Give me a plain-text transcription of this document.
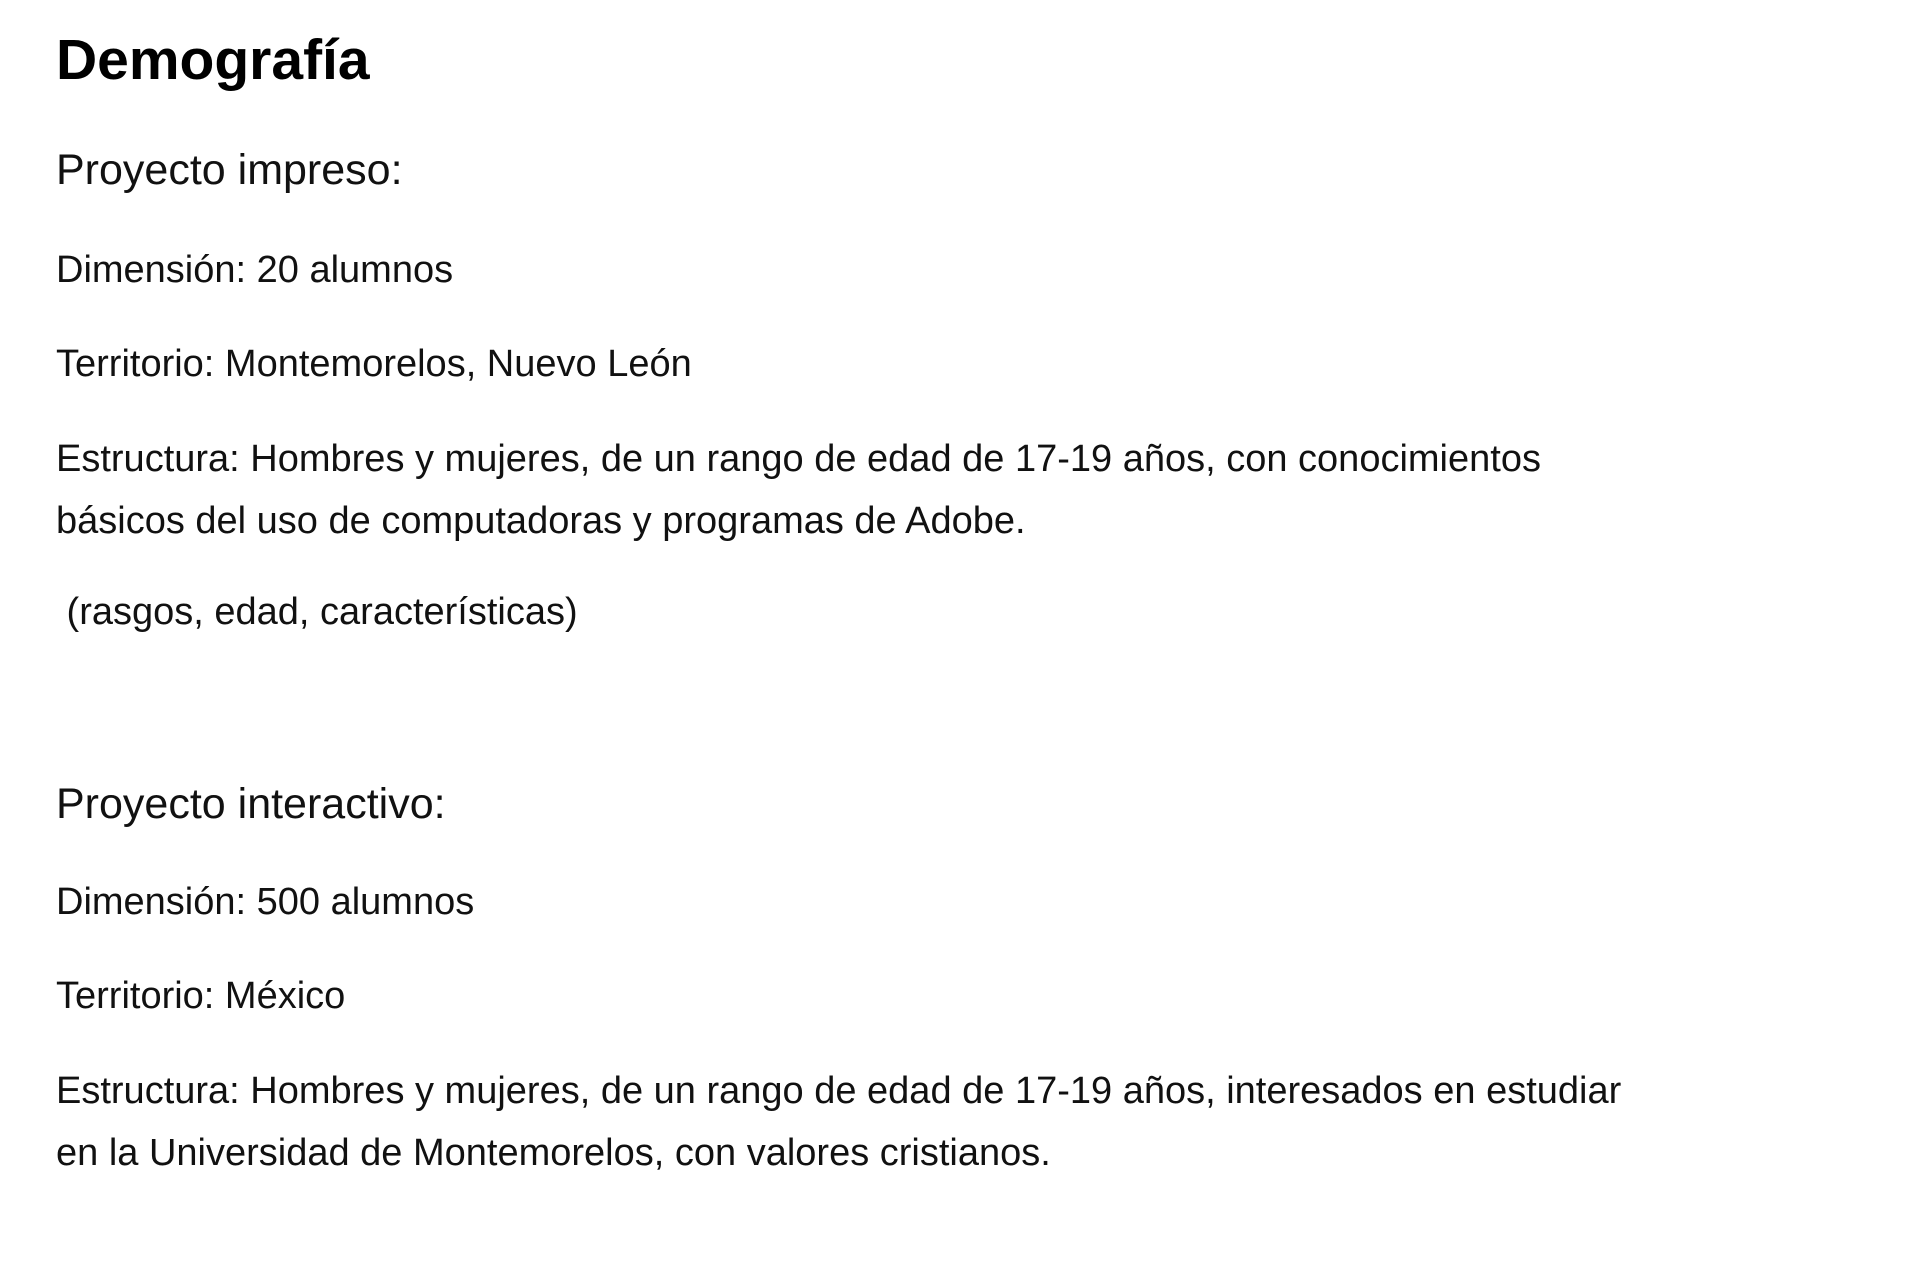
Demografía
Proyecto impreso:

Dimensión: 20 alumnos

Territorio: Montemorelos, Nuevo León

Estructura: Hombres y mujeres, de un rango de edad de 17-19 años, con conocimientos
básicos del uso de computadoras y programas de Adobe.

(rasgos, edad, características)

Proyecto interactivo:

Dimensión: 500 alumnos

Territorio: México

Estructura: Hombres y mujeres, de un rango de edad de 17-19 años, interesados en estudiar
en la Universidad de Montemorelos, con valores cristianos.
